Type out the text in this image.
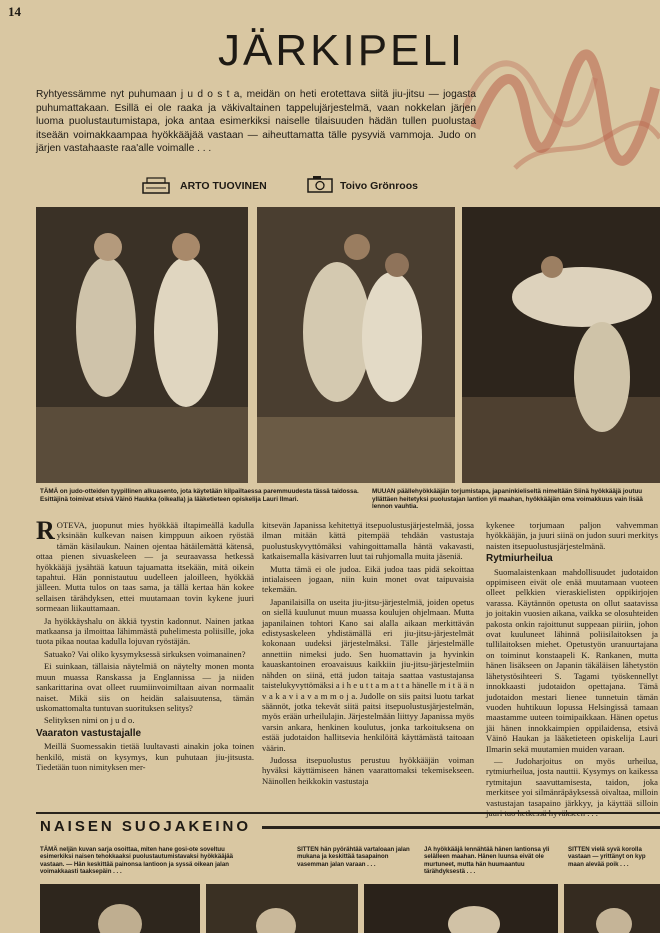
14
JÄRKIPELI
Ryhtyessämme nyt puhumaan j u d o s t a, meidän on heti erotettava siitä jiu-jitsu — jogasta puhumattakaan. Esillä ei ole raaka ja väkivaltainen tappelujärjestelmä, vaan nokkelan järjen luoma puolustautumistapa, joka antaa esimerkiksi naiselle tilaisuuden hädän tullen puolustaa itseään voimakkaampaa hyökkääjää vastaan — aiheuttamatta tälle pysyviä vammoja. Judo on järjen vastahaaste raa'alle voimalle . . .
ARTO TUOVINEN	Toivo Grönroos
TÄMÄ on judo-otteiden tyypillinen alkuasento, jota käytetään kilpailtaessa paremmuudesta tässä taidossa. Esittäjinä toimivat etsivä Väinö Haukka (oikealla) ja lääketieteen opiskelija Lauri Ilmari.
MUUAN päällehyökkääjän torjumistapa, japaninkieliseltä nimeltään Siinä hyökkääjä joutuu yllättäen heitetyksi puolustajan lantion yli maahan, hyökkääjän oma voimakkuus vain lisää lennon vauhtia.

ROTEVA, juopunut mies hyökkää iltapimeällä kadulla yksinään kulkevan naisen kimppuun aikoen ryöstää tämän käsilaukun. Nainen ojentaa hätäilemättä kätensä, ottaa pienen sivuaskeleen — ja seuraavassa hetkessä hyökkääjä jysähtää katuun tajuamatta itsekään, mitä oikein tapahtui. Hän ponnistautuu uudelleen jaloilleen, hyökkää jälleen. Mutta tulos on taas sama, ja tällä kertaa hän kokee sellaisen tärähdyksen, ettei muutamaan tovin kykene juuri sormeaan liikauttamaan.

Ja hyökkäyshalu on äkkiä tyystin kadonnut. Nainen jatkaa matkaansa ja ilmoittaa lähimmästä puhelimesta poliisille, joka tuota pikaa noutaa kadulla lojuvan ryöstäjän.

Satuako? Vai oliko kysymyksessä sirkuksen voimanainen?

Ei suinkaan, tällaisia näytelmiä on näytelty monen monta muun muassa Ranskassa ja Englannissa — ja niiden sankarittarina ovat olleet ruumiinvoimiltaan aivan normaalit naiset. Mikä siis on heidän salaisuutensa, tämän uskomattomalta tuntuvan suorituksen selitys?

Selityksen nimi on j u d o.

Vaaraton vastustajalle

Meillä Suomessakin tietää luultavasti ainakin joka toinen henkilö, mistä on kysymys, kun puhutaan jiu-jitsusta. Tiedetään tuon nimityksen mer-

kitsevän Japanissa kehitettyä itsepuolustusjärjestelmää, jossa ilman mitään kättä pitempää tehdään vastustaja puolustuskyvyttömäksi vahingoittamalla häntä vakavasti, katkaisemalla käsivarren luut tai ruhjomalla muita jäseniä.

Mutta tämä ei ole judoa. Eikä judoa taas pidä sekoittaa intialaiseen jogaan, niin kuin monet ovat taipuvaisia tekemään.

Japanilaisilla on useita jiu-jitsu-järjestelmiä, joiden opetus on siellä kuulunut muun muassa koulujen ohjelmaan. Mutta japanilainen tohtori Kano sai alalla aikaan merkittävän edistysaskeleen yhdistämällä eri jiu-jitsu-järjestelmät kokonaan uudeksi järjestelmäksi. Tälle järjestelmälle annettiin nimeksi judo. Sen huomattavin ja hyvinkin kauaskantoinen eroavaisuus kaikkiin jiu-jitsu-järjestelmiin nähden on siinä, että judon taitaja saattaa vastustajansa taistelukyvyttömäksi a i h e u t t a m a t t a hänelle m i t ä ä n v a k a v i a v a m m o j a. Judolle on siis paitsi luotu tarkat säännöt, jotka tekevät siitä paitsi itsepuolustusjärjestelmän, myös erään urheilulajin. Järjestelmään liittyy Japanissa myös varsin ankara, henkinen koulutus, jonka tarkoituksena on estää judotaidon hallitsevia henkilöitä käyttämästä taitoaan väärin.

Judossa itsepuolustus perustuu hyökkääjän voiman hyväksi käyttämiseen hänen vaarattomaksi tekemisekseen. Näinollen heikkokin vastustaja

kykenee torjumaan paljon vahvemman hyökkääjän, ja juuri siinä on judon suuri merkitys naisten itsepuolustusjärjestelmänä.

Rytmiurheilua

Suomalaistenkaan mahdollisuudet judotaidon oppimiseen eivät ole enää muutamaan vuoteen olleet pelkkien vieraskielisten oppikirjojen varassa. Käytännön opetusta on ollut saatavissa jo joitakin vuosien aikana, vaikka se olosuhteiden pakosta onkin rajoittunut suppeaan piiriin, johon ovat kuuluneet lähinnä poliisilaitoksen ja tullilaitoksen miehet. Opetustyön uranuurtajana on toiminut konstaapeli K. Rankanen, mutta hänen lisäkseen on Japanin täkäläisen lähetystön lähetystösihteeri S. Tagami työskennellyt innokkaasti judotaidon opettajana. Tämä judotaidon mestari lienee tunnetuin tämän vuoden huhtikuun lopussa Helsingissä tamaan maastamme uuteen toimipaikkaan. Hänen opetus jäi hänen innokkaimpien oppilaidensa, etsivä Väinö Haukan ja lääketieteen opiskelija Lauri Ilmarin sekä muutamien muiden varaan.

— Judoharjoitus on myös urheilua, rytmiurheilua, josta nauttii. Kysymys on kaikessa rytmitajun saavuttamisesta, taidon, joka merkitsee yoi silmänräpäyksessä oivaltaa, milloin vastustajan tasapaino järkkyy, ja käyttää silloin

NAISEN SUOJAKEINO
TÄMÄ neljän kuvan sarja osoittaa, miten hane gosi-ote soveltuu esimerkiksi naisen tehokkaaksi puolustautumistavaksi hyökkääjää vastaan. — Hän keskittää painonsa lantioon ja syssä oikean jalan voimakkaasti taaksepäin . . .
SITTEN hän pyörähtää vartaloaan jalan mukana ja keskittää tasapainon vasemman jalan varaan . . .
JA hyökkääjä lennähtää hänen lantionsa yli selälleen maahan. Hänen luunsa eivät ole murtuneet, mutta hän huumaantuu tärähdyksestä . . .
SITTEN vielä syvä korolla vastaan — yrittänyt on kyp maan alevää poik . . .
